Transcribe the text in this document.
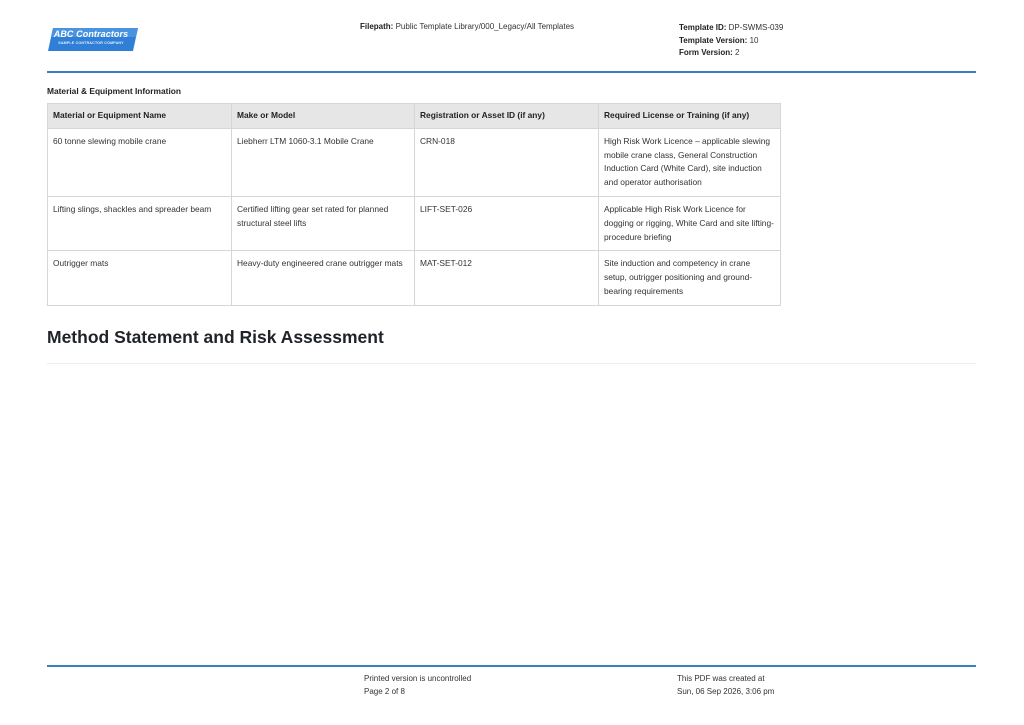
ABC Contractors
SAMPLE CONTRACTOR COMPANY
Filepath: Public Template Library/000_Legacy/All Templates	Template ID: DP-SWMS-039
Template Version: 10
Form Version: 2
Material & Equipment Information
Material or Equipment Name	Make or Model	Registration or Asset ID (if any)	Required License or Training (if any)
60 tonne slewing mobile crane	Liebherr LTM 1060-3.1 Mobile Crane	CRN-018	High Risk Work Licence – applicable slewing mobile crane class, General Construction Induction Card (White Card), site induction and operator authorisation
Lifting slings, shackles and spreader beam	Certified lifting gear set rated for planned structural steel lifts	LIFT-SET-026	Applicable High Risk Work Licence for dogging or rigging, White Card and site lifting-procedure briefing
Outrigger mats	Heavy-duty engineered crane outrigger mats	MAT-SET-012	Site induction and competency in crane setup, outrigger positioning and ground-bearing requirements
Method Statement and Risk Assessment
Printed version is uncontrolled
Page 2 of 8
This PDF was created at
Sun, 06 Sep 2026, 3:06 pm
